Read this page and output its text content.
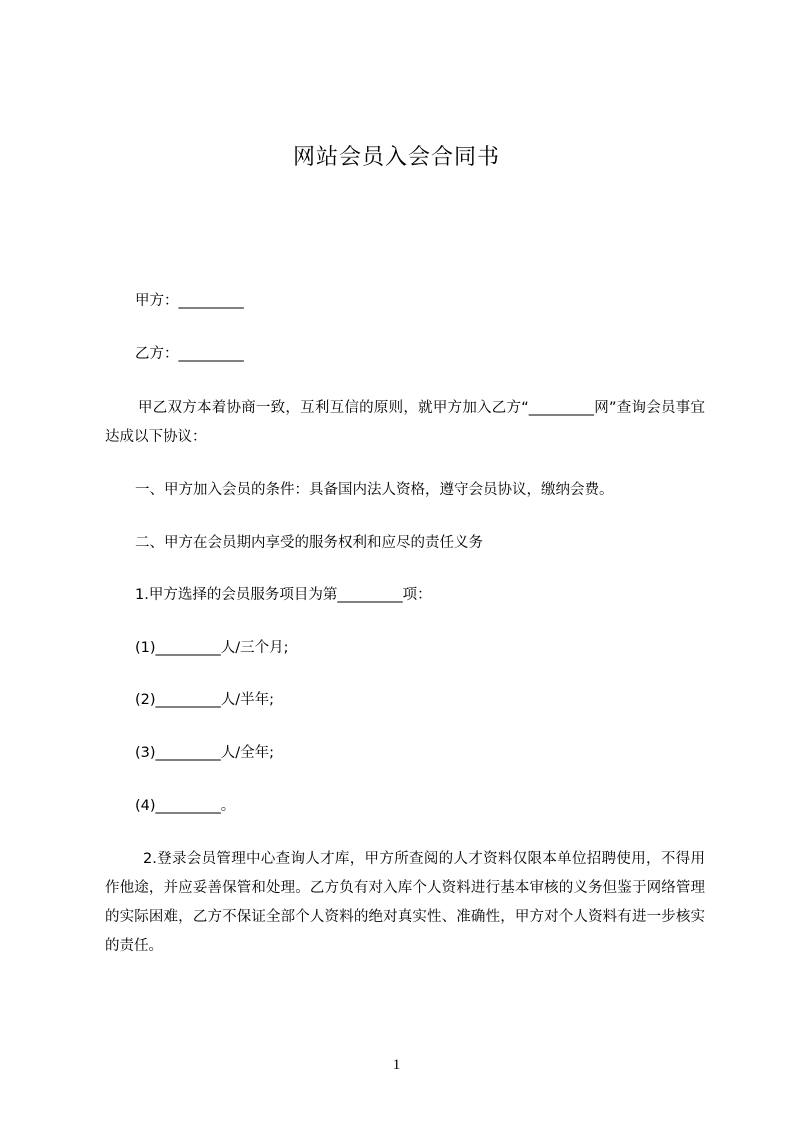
网站会员入会合同书
甲方：_________
乙方：_________
甲乙双方本着协商一致，互利互信的原则，就甲方加入乙方“_________网”查询会员事宜达成以下协议：
一、甲方加入会员的条件：具备国内法人资格，遵守会员协议，缴纳会费。
二、甲方在会员期内享受的服务权利和应尽的责任义务
1.甲方选择的会员服务项目为第_________项：
(1)_________人/三个月;
(2)_________人/半年;
(3)_________人/全年;
(4)_________。
2.登录会员管理中心查询人才库，甲方所查阅的人才资料仅限本单位招聘使用，不得用作他途，并应妥善保管和处理。乙方负有对入库个人资料进行基本审核的义务但鉴于网络管理的实际困难，乙方不保证全部个人资料的绝对真实性、准确性，甲方对个人资料有进一步核实的责任。
1
